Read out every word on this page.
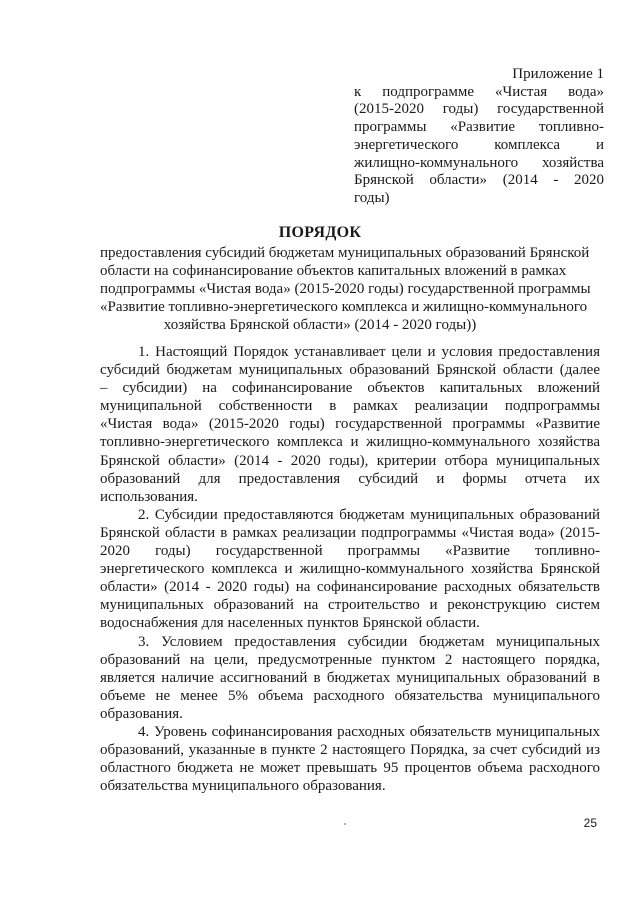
Приложение 1
к подпрограмме «Чистая вода»
(2015-2020 годы) государственной
программы «Развитие топливно-
энергетического комплекса и
жилищно-коммунального хозяйства
Брянской области» (2014 - 2020
годы)
ПОРЯДОК
предоставления субсидий бюджетам муниципальных образований Брянской
области на софинансирование объектов капитальных вложений в рамках
подпрограммы «Чистая вода» (2015-2020 годы) государственной программы
«Развитие топливно-энергетического комплекса и жилищно-коммунального
хозяйства Брянской области» (2014 - 2020 годы))
1. Настоящий Порядок устанавливает цели и условия предоставления
субсидий бюджетам муниципальных образований Брянской области (далее
– субсидии) на софинансирование объектов капитальных вложений
муниципальной собственности в рамках реализации подпрограммы
«Чистая вода» (2015-2020 годы) государственной программы «Развитие
топливно-энергетического комплекса и жилищно-коммунального хозяйства
Брянской области» (2014 - 2020 годы), критерии отбора муниципальных
образований для предоставления субсидий и формы отчета их
использования.
2. Субсидии предоставляются бюджетам муниципальных образований
Брянской области в рамках реализации подпрограммы «Чистая вода» (2015-
2020 годы) государственной программы «Развитие топливно-
энергетического комплекса и жилищно-коммунального хозяйства Брянской
области» (2014 - 2020 годы) на софинансирование расходных обязательств
муниципальных образований на строительство и реконструкцию систем
водоснабжения для населенных пунктов Брянской области.
3. Условием предоставления субсидии бюджетам муниципальных
образований на цели, предусмотренные пунктом 2 настоящего порядка,
является наличие ассигнований в бюджетах муниципальных образований в
объеме не менее 5% объема расходного обязательства муниципального
образования.
4. Уровень софинансирования расходных обязательств муниципальных
образований, указанные в пункте 2 настоящего Порядка, за счет субсидий из
областного бюджета не может превышать 95 процентов объема расходного
обязательства муниципального образования.
25
